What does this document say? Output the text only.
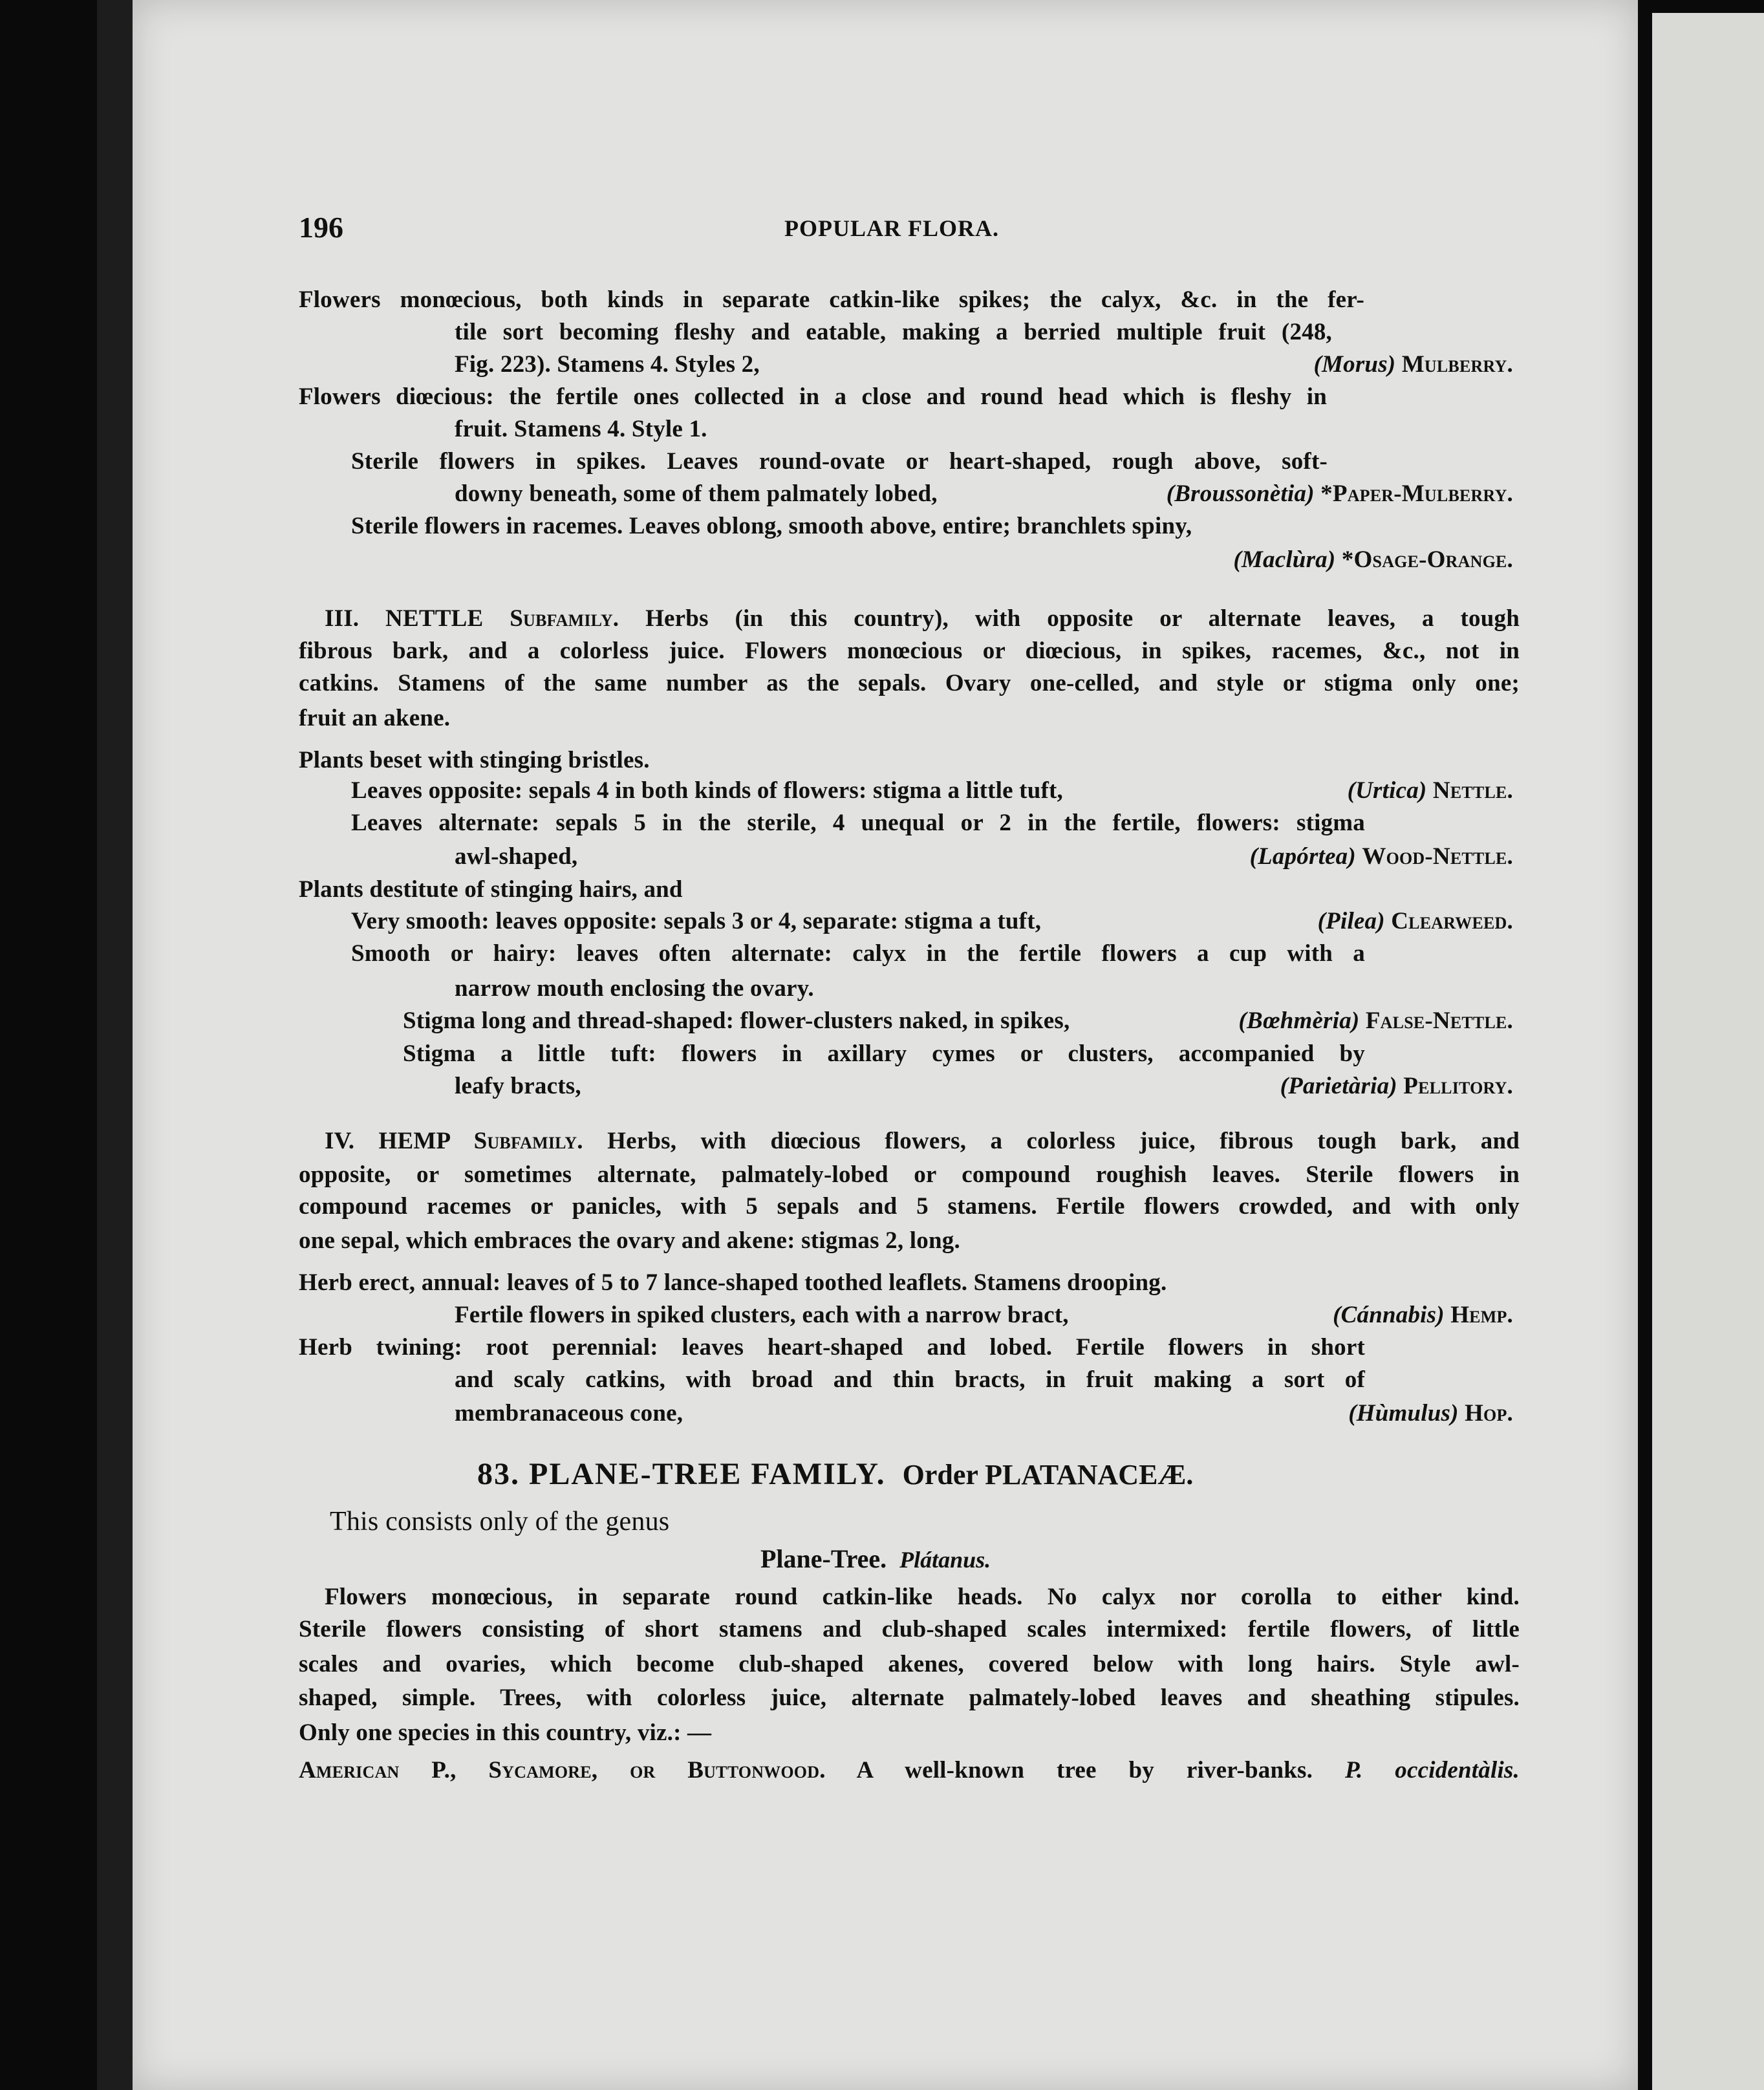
196	POPULAR FLORA.
Flowers monœcious, both kinds in separate catkin-like spikes; the calyx, &c. in the fer-
tile sort becoming fleshy and eatable, making a berried multiple fruit (248,
Fig. 223). Stamens 4. Styles 2,	(Morus) Mulberry.
Flowers diœcious: the fertile ones collected in a close and round head which is fleshy in
fruit. Stamens 4. Style 1.
Sterile flowers in spikes. Leaves round-ovate or heart-shaped, rough above, soft-
downy beneath, some of them palmately lobed,	(Broussonètia) *Paper-Mulberry.
Sterile flowers in racemes. Leaves oblong, smooth above, entire; branchlets spiny,
(Maclùra) *Osage-Orange.
III. NETTLE Subfamily. Herbs (in this country), with opposite or alternate leaves, a tough
fibrous bark, and a colorless juice. Flowers monœcious or diœcious, in spikes, racemes, &c., not in
catkins. Stamens of the same number as the sepals. Ovary one-celled, and style or stigma only one;
fruit an akene.
Plants beset with stinging bristles.
Leaves opposite: sepals 4 in both kinds of flowers: stigma a little tuft,	(Urtica) Nettle.
Leaves alternate: sepals 5 in the sterile, 4 unequal or 2 in the fertile, flowers: stigma
awl-shaped,	(Lapórtea) Wood-Nettle.
Plants destitute of stinging hairs, and
Very smooth: leaves opposite: sepals 3 or 4, separate: stigma a tuft,	(Pilea) Clearweed.
Smooth or hairy: leaves often alternate: calyx in the fertile flowers a cup with a
narrow mouth enclosing the ovary.
Stigma long and thread-shaped: flower-clusters naked, in spikes,	(Bœhmèria) False-Nettle.
Stigma a little tuft: flowers in axillary cymes or clusters, accompanied by
leafy bracts,	(Parietària) Pellitory.
IV. HEMP Subfamily. Herbs, with diœcious flowers, a colorless juice, fibrous tough bark, and
opposite, or sometimes alternate, palmately-lobed or compound roughish leaves. Sterile flowers in
compound racemes or panicles, with 5 sepals and 5 stamens. Fertile flowers crowded, and with only
one sepal, which embraces the ovary and akene: stigmas 2, long.
Herb erect, annual: leaves of 5 to 7 lance-shaped toothed leaflets. Stamens drooping.
Fertile flowers in spiked clusters, each with a narrow bract,	(Cánnabis) Hemp.
Herb twining: root perennial: leaves heart-shaped and lobed. Fertile flowers in short
and scaly catkins, with broad and thin bracts, in fruit making a sort of
membranaceous cone,	(Hùmulus) Hop.
83. PLANE-TREE FAMILY. Order PLATANACEÆ.
This consists only of the genus
Plane-Tree. Plátanus.
Flowers monœcious, in separate round catkin-like heads. No calyx nor corolla to either kind.
Sterile flowers consisting of short stamens and club-shaped scales intermixed: fertile flowers, of little
scales and ovaries, which become club-shaped akenes, covered below with long hairs. Style awl-
shaped, simple. Trees, with colorless juice, alternate palmately-lobed leaves and sheathing stipules.
Only one species in this country, viz.: —
American P., Sycamore, or Buttonwood. A well-known tree by river-banks. P. occidentàlis.
